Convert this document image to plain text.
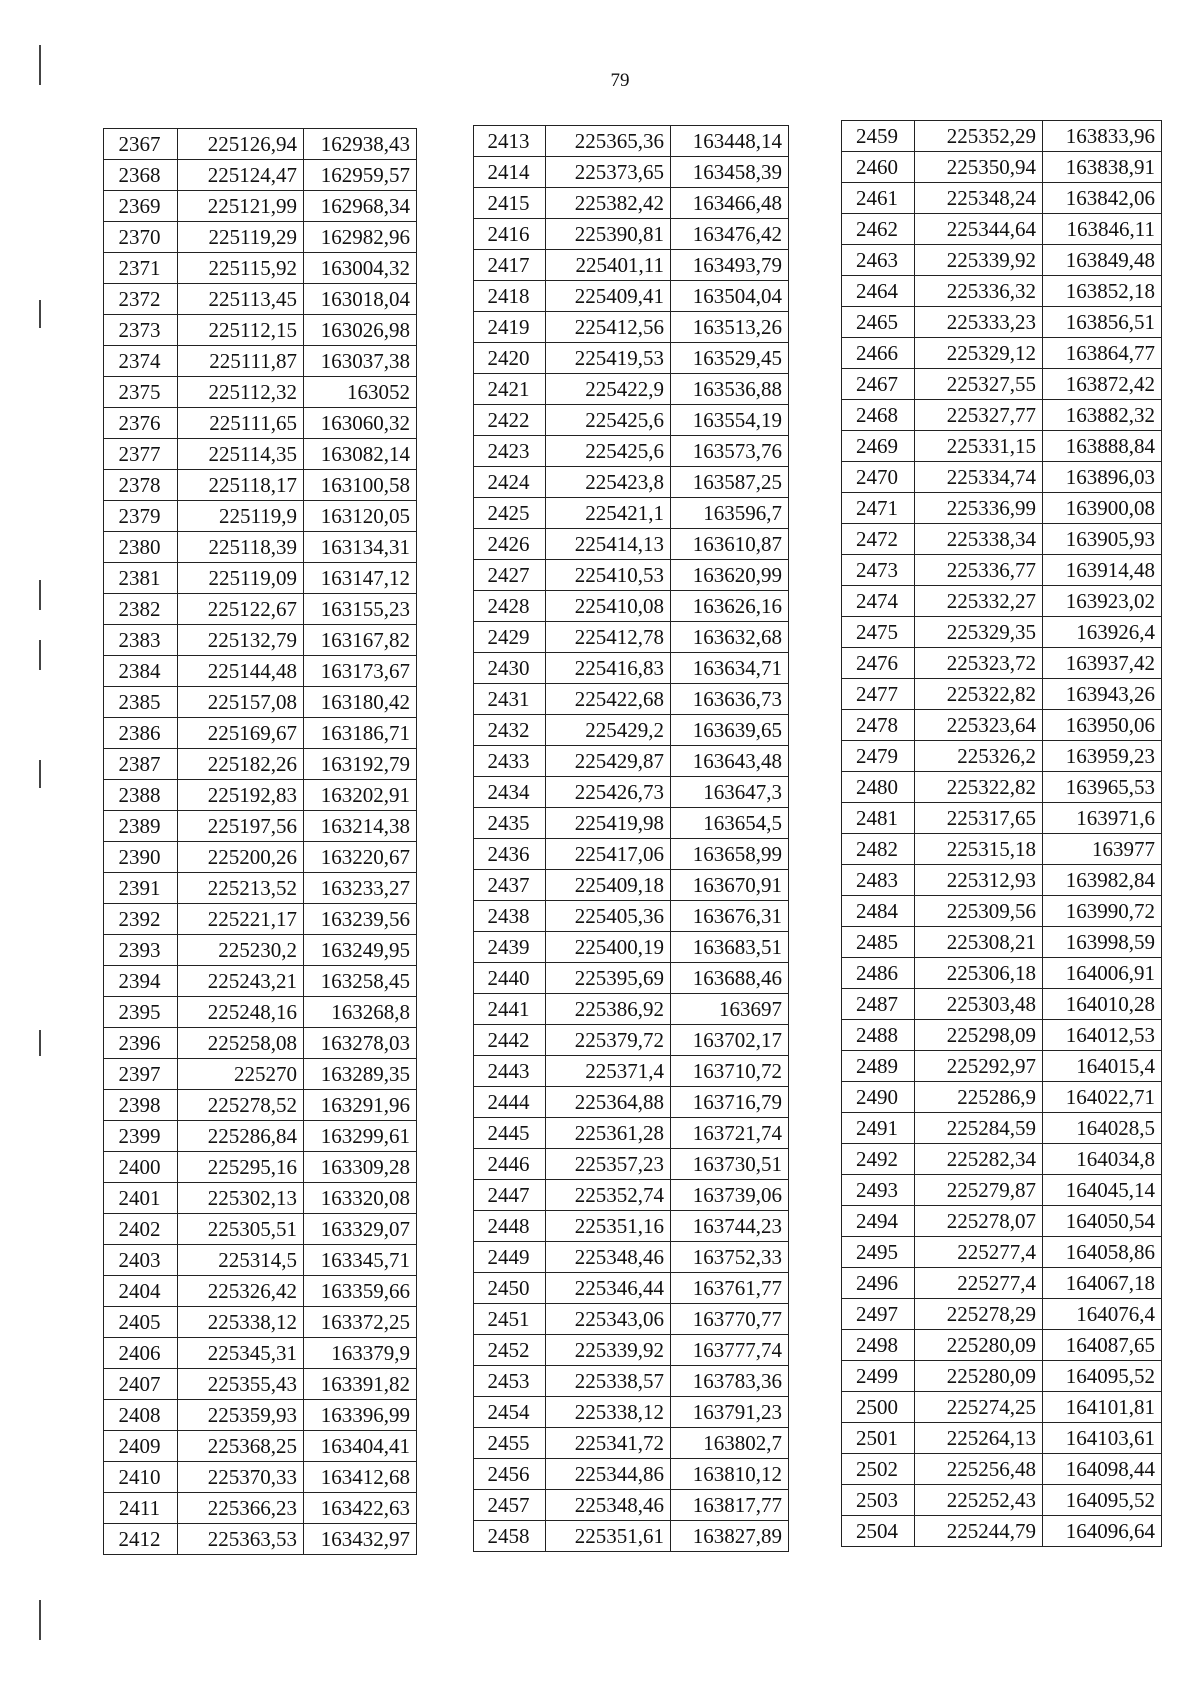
79
2367	225126,94	162938,43
2368	225124,47	162959,57
2369	225121,99	162968,34
2370	225119,29	162982,96
2371	225115,92	163004,32
2372	225113,45	163018,04
2373	225112,15	163026,98
2374	225111,87	163037,38
2375	225112,32	163052
2376	225111,65	163060,32
2377	225114,35	163082,14
2378	225118,17	163100,58
2379	225119,9	163120,05
2380	225118,39	163134,31
2381	225119,09	163147,12
2382	225122,67	163155,23
2383	225132,79	163167,82
2384	225144,48	163173,67
2385	225157,08	163180,42
2386	225169,67	163186,71
2387	225182,26	163192,79
2388	225192,83	163202,91
2389	225197,56	163214,38
2390	225200,26	163220,67
2391	225213,52	163233,27
2392	225221,17	163239,56
2393	225230,2	163249,95
2394	225243,21	163258,45
2395	225248,16	163268,8
2396	225258,08	163278,03
2397	225270	163289,35
2398	225278,52	163291,96
2399	225286,84	163299,61
2400	225295,16	163309,28
2401	225302,13	163320,08
2402	225305,51	163329,07
2403	225314,5	163345,71
2404	225326,42	163359,66
2405	225338,12	163372,25
2406	225345,31	163379,9
2407	225355,43	163391,82
2408	225359,93	163396,99
2409	225368,25	163404,41
2410	225370,33	163412,68
2411	225366,23	163422,63
2412	225363,53	163432,97
2413	225365,36	163448,14
2414	225373,65	163458,39
2415	225382,42	163466,48
2416	225390,81	163476,42
2417	225401,11	163493,79
2418	225409,41	163504,04
2419	225412,56	163513,26
2420	225419,53	163529,45
2421	225422,9	163536,88
2422	225425,6	163554,19
2423	225425,6	163573,76
2424	225423,8	163587,25
2425	225421,1	163596,7
2426	225414,13	163610,87
2427	225410,53	163620,99
2428	225410,08	163626,16
2429	225412,78	163632,68
2430	225416,83	163634,71
2431	225422,68	163636,73
2432	225429,2	163639,65
2433	225429,87	163643,48
2434	225426,73	163647,3
2435	225419,98	163654,5
2436	225417,06	163658,99
2437	225409,18	163670,91
2438	225405,36	163676,31
2439	225400,19	163683,51
2440	225395,69	163688,46
2441	225386,92	163697
2442	225379,72	163702,17
2443	225371,4	163710,72
2444	225364,88	163716,79
2445	225361,28	163721,74
2446	225357,23	163730,51
2447	225352,74	163739,06
2448	225351,16	163744,23
2449	225348,46	163752,33
2450	225346,44	163761,77
2451	225343,06	163770,77
2452	225339,92	163777,74
2453	225338,57	163783,36
2454	225338,12	163791,23
2455	225341,72	163802,7
2456	225344,86	163810,12
2457	225348,46	163817,77
2458	225351,61	163827,89
2459	225352,29	163833,96
2460	225350,94	163838,91
2461	225348,24	163842,06
2462	225344,64	163846,11
2463	225339,92	163849,48
2464	225336,32	163852,18
2465	225333,23	163856,51
2466	225329,12	163864,77
2467	225327,55	163872,42
2468	225327,77	163882,32
2469	225331,15	163888,84
2470	225334,74	163896,03
2471	225336,99	163900,08
2472	225338,34	163905,93
2473	225336,77	163914,48
2474	225332,27	163923,02
2475	225329,35	163926,4
2476	225323,72	163937,42
2477	225322,82	163943,26
2478	225323,64	163950,06
2479	225326,2	163959,23
2480	225322,82	163965,53
2481	225317,65	163971,6
2482	225315,18	163977
2483	225312,93	163982,84
2484	225309,56	163990,72
2485	225308,21	163998,59
2486	225306,18	164006,91
2487	225303,48	164010,28
2488	225298,09	164012,53
2489	225292,97	164015,4
2490	225286,9	164022,71
2491	225284,59	164028,5
2492	225282,34	164034,8
2493	225279,87	164045,14
2494	225278,07	164050,54
2495	225277,4	164058,86
2496	225277,4	164067,18
2497	225278,29	164076,4
2498	225280,09	164087,65
2499	225280,09	164095,52
2500	225274,25	164101,81
2501	225264,13	164103,61
2502	225256,48	164098,44
2503	225252,43	164095,52
2504	225244,79	164096,64
